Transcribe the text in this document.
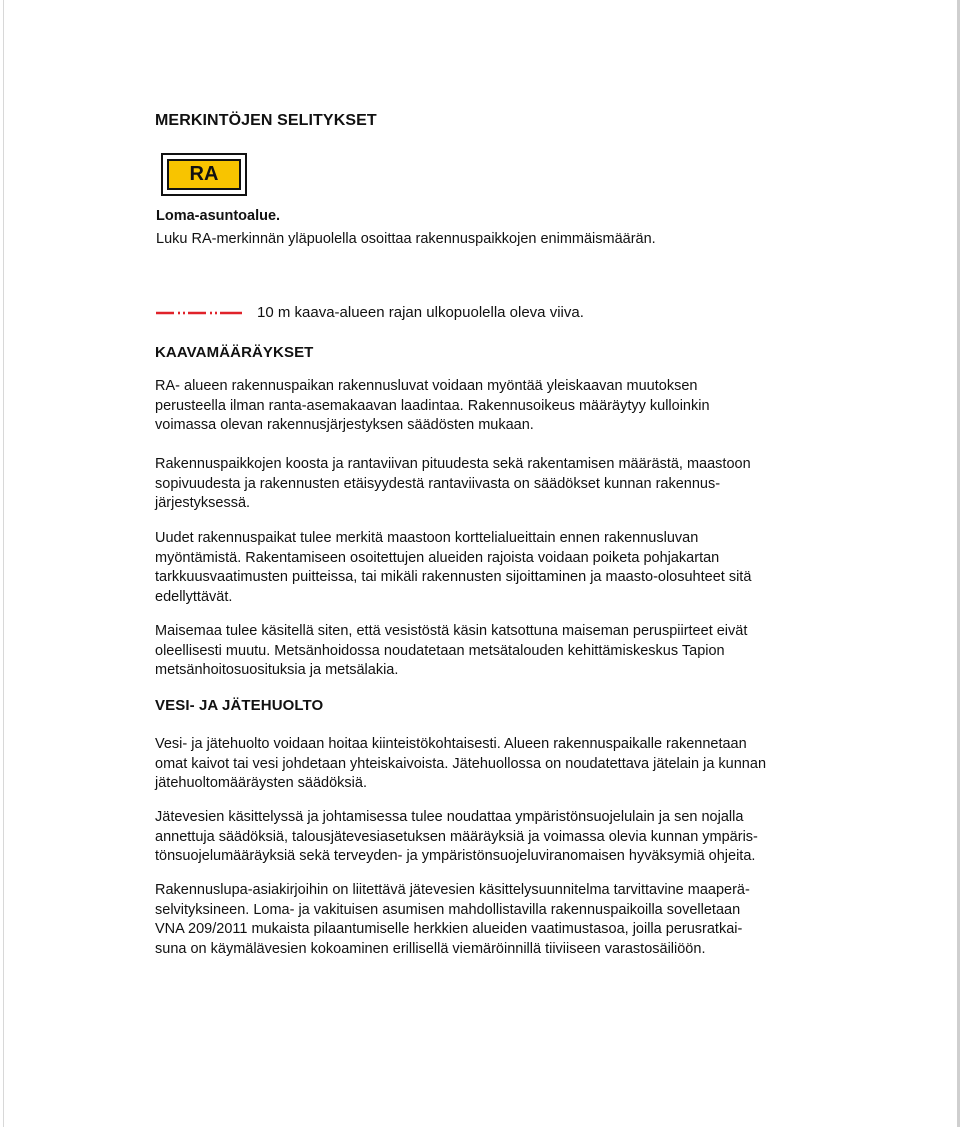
MERKINTÖJEN SELITYKSET
RA
Loma-asuntoalue.
Luku RA-merkinnän yläpuolella osoittaa rakennuspaikkojen enimmäismäärän.
10 m kaava-alueen rajan ulkopuolella oleva viiva.
KAAVAMÄÄRÄYKSET
RA- alueen rakennuspaikan rakennusluvat voidaan myöntää yleiskaavan muutoksen
perusteella ilman ranta-asemakaavan laadintaa. Rakennusoikeus määräytyy kulloinkin
voimassa olevan rakennusjärjestyksen säädösten mukaan.
Rakennuspaikkojen koosta ja rantaviivan pituudesta sekä rakentamisen määrästä, maastoon
sopivuudesta ja rakennusten etäisyydestä rantaviivasta on säädökset kunnan rakennus-
järjestyksessä.
Uudet rakennuspaikat tulee merkitä maastoon korttelialueittain ennen rakennusluvan
myöntämistä. Rakentamiseen osoitettujen alueiden rajoista voidaan poiketa pohjakartan
tarkkuusvaatimusten puitteissa, tai mikäli rakennusten sijoittaminen ja maasto-olosuhteet sitä
edellyttävät.
Maisemaa tulee käsitellä siten, että vesistöstä käsin katsottuna maiseman peruspiirteet eivät
oleellisesti muutu. Metsänhoidossa noudatetaan metsätalouden kehittämiskeskus Tapion
metsänhoitosuosituksia ja metsälakia.
VESI- JA JÄTEHUOLTO
Vesi- ja jätehuolto voidaan hoitaa kiinteistökohtaisesti. Alueen rakennuspaikalle rakennetaan
omat kaivot tai vesi johdetaan yhteiskaivoista. Jätehuollossa on noudatettava jätelain ja kunnan
jätehuoltomääräysten säädöksiä.
Jätevesien käsittelyssä ja johtamisessa tulee noudattaa ympäristönsuojelulain ja sen nojalla
annettuja säädöksiä, talousjätevesiasetuksen määräyksiä ja voimassa olevia kunnan ympäris-
tönsuojelumääräyksiä sekä terveyden- ja ympäristönsuojeluviranomaisen hyväksymiä ohjeita.
Rakennuslupa-asiakirjoihin on liitettävä jätevesien käsittelysuunnitelma tarvittavine maaperä-
selvityksineen. Loma- ja vakituisen asumisen mahdollistavilla rakennuspaikoilla sovelletaan
VNA 209/2011 mukaista pilaantumiselle herkkien alueiden vaatimustasoa, joilla perusratkai-
suna on käymälävesien kokoaminen erillisellä viemäröinnillä tiiviiseen varastosäiliöön.
